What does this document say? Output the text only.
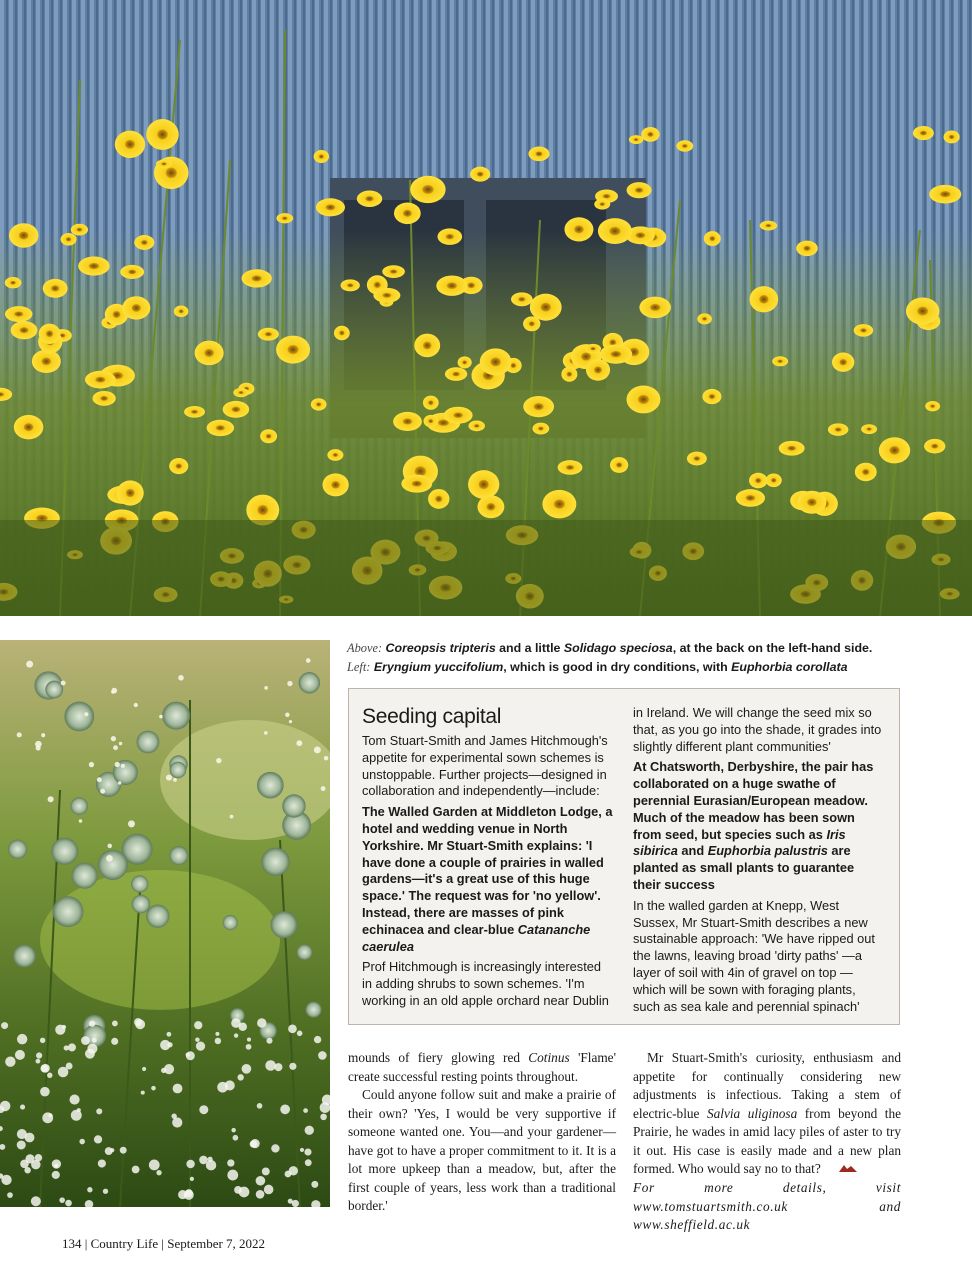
Above: Coreopsis tripteris and a little Solidago speciosa, at the back on the left-hand side.
Left: Eryngium yuccifolium, which is good in dry conditions, with Euphorbia corollata
Seeding capital

Tom Stuart-Smith and James Hitchmough's appetite for experimental sown schemes is unstoppable. Further projects—designed in collaboration and independently—include:

The Walled Garden at Middleton Lodge, a hotel and wedding venue in North Yorkshire. Mr Stuart-Smith explains: 'I have done a couple of prairies in walled gardens—it's a great use of this huge space.' The request was for 'no yellow'. Instead, there are masses of pink echinacea and clear-blue Catananche caerulea

Prof Hitchmough is increasingly interested in adding shrubs to sown schemes. 'I'm working in an old apple orchard near Dublin

in Ireland. We will change the seed mix so that, as you go into the shade, it grades into slightly different plant communities'

At Chatsworth, Derbyshire, the pair has collaborated on a huge swathe of perennial Eurasian/European meadow. Much of the meadow has been sown from seed, but species such as Iris sibirica and Euphorbia palustris are planted as small plants to guarantee their success

In the walled garden at Knepp, West Sussex, Mr Stuart-Smith describes a new sustainable approach: 'We have ripped out the lawns, leaving broad 'dirty paths' —a layer of soil with 4in of gravel on top —which will be sown with foraging plants, such as sea kale and perennial spinach'

mounds of fiery glowing red Cotinus 'Flame' create successful resting points throughout.

Could anyone follow suit and make a prairie of their own? 'Yes, I would be very supportive if someone wanted one. You—and your gardener—have got to have a proper commitment to it. It is a lot more upkeep than a meadow, but, after the first couple of years, less work than a traditional border.'

Mr Stuart-Smith's curiosity, enthusiasm and appetite for continually considering new adjustments is infectious. Taking a stem of electric-blue Salvia uliginosa from beyond the Prairie, he wades in amid lacy piles of aster to try it out. His case is easily made and a new plan formed. Who would say no to that?

For more details, visit www.tomstuartsmith.co.uk and www.sheffield.ac.uk

134 | Country Life | September 7, 2022
